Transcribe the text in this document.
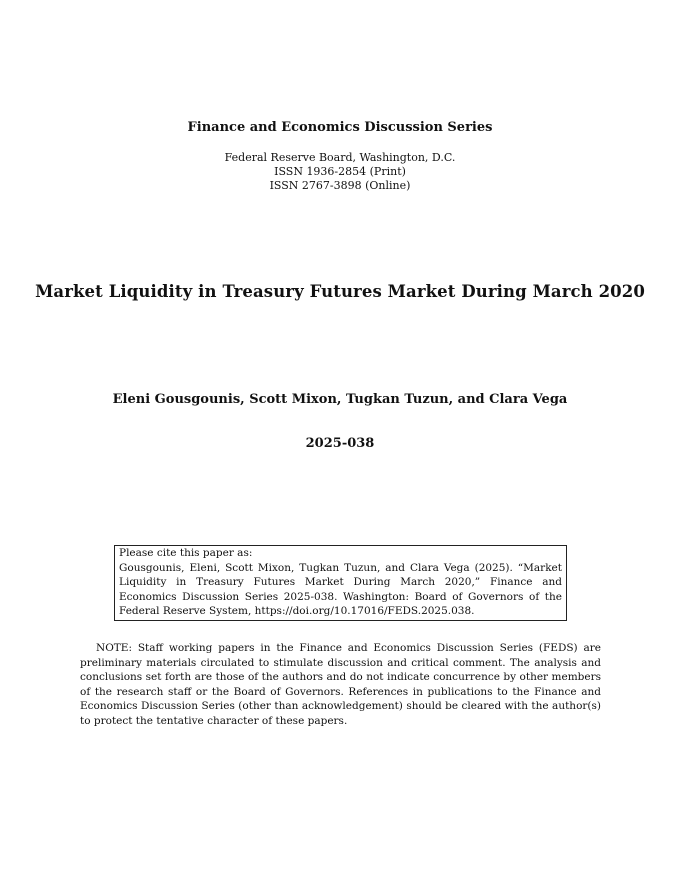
Finance and Economics Discussion Series
Federal Reserve Board, Washington, D.C.
ISSN 1936-2854 (Print)
ISSN 2767-3898 (Online)
Market Liquidity in Treasury Futures Market During March 2020
Eleni Gousgounis, Scott Mixon, Tugkan Tuzun, and Clara Vega
2025-038
Please cite this paper as:
Gousgounis, Eleni, Scott Mixon, Tugkan Tuzun, and Clara Vega (2025). “Market Liquidity in Treasury Futures Market During March 2020,” Finance and Economics Discussion Series 2025-038. Washington: Board of Governors of the Federal Reserve System, https://doi.org/10.17016/FEDS.2025.038.
NOTE: Staff working papers in the Finance and Economics Discussion Series (FEDS) are preliminary materials circulated to stimulate discussion and critical comment. The analysis and conclusions set forth are those of the authors and do not indicate concurrence by other members of the research staff or the Board of Governors. References in publications to the Finance and Economics Discussion Series (other than acknowledgement) should be cleared with the author(s) to protect the tentative character of these papers.
